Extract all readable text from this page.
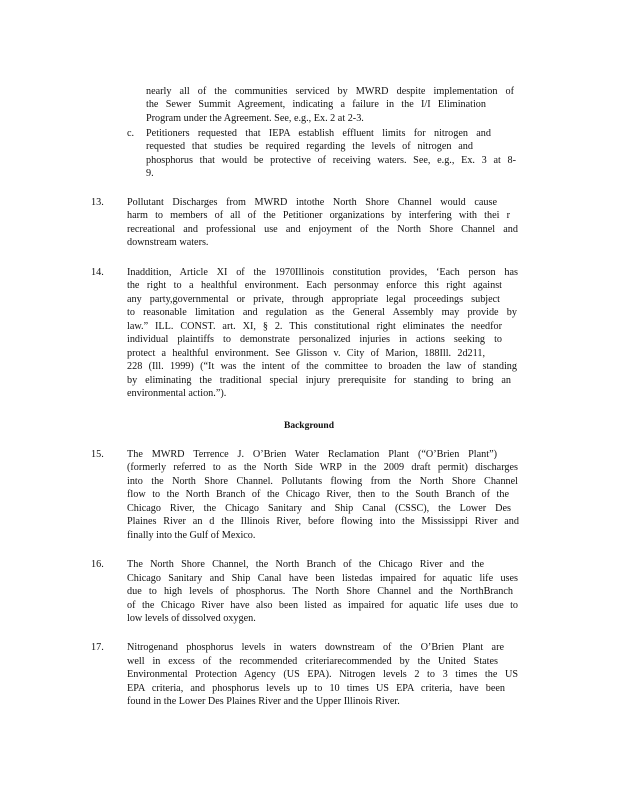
nearly all of the communities serviced by MWRD despite implementation of
the Sewer Summit Agreement, indicating a failure in the I/I Elimination
Program under the Agreement. See, e.g., Ex. 2 at 2-3.
c. Petitioners requested that IEPA establish effluent limits for nitrogen and
requested that studies be required regarding the levels of nitrogen and
phosphorus that would be protective of receiving waters. See, e.g., Ex. 3 at 8-
9.
13. Pollutant Discharges from MWRD intothe North Shore Channel would cause
harm to members of all of the Petitioner organizations by interfering with thei r
recreational and professional use and enjoyment of the North Shore Channel and
downstream waters.
14. Inaddition, Article XI of the 1970Illinois constitution provides, ‘Each person has
the right to a healthful environment. Each personmay enforce this right against
any party,governmental or private, through appropriate legal proceedings subject
to reasonable limitation and regulation as the General Assembly may provide by
law.” ILL. CONST. art. XI, § 2. This constitutional right eliminates the needfor
individual plaintiffs to demonstrate personalized injuries in actions seeking to
protect a healthful environment. See Glisson v. City of Marion, 188Ill. 2d211,
228 (Ill. 1999) (“It was the intent of the committee to broaden the law of standing
by eliminating the traditional special injury prerequisite for standing to bring an
environmental action.”).
Background
15. The MWRD Terrence J. O’Brien Water Reclamation Plant (“O’Brien Plant”)
(formerly referred to as the North Side WRP in the 2009 draft permit) discharges
into the North Shore Channel. Pollutants flowing from the North Shore Channel
flow to the North Branch of the Chicago River, then to the South Branch of the
Chicago River, the Chicago Sanitary and Ship Canal (CSSC), the Lower Des
Plaines River an d the Illinois River, before flowing into the Mississippi River and
finally into the Gulf of Mexico.
16. The North Shore Channel, the North Branch of the Chicago River and the
Chicago Sanitary and Ship Canal have been listedas impaired for aquatic life uses
due to high levels of phosphorus. The North Shore Channel and the NorthBranch
of the Chicago River have also been listed as impaired for aquatic life uses due to
low levels of dissolved oxygen.
17. Nitrogenand phosphorus levels in waters downstream of the O’Brien Plant are
well in excess of the recommended criteriarecommended by the United States
Environmental Protection Agency (US EPA). Nitrogen levels 2 to 3 times the US
EPA criteria, and phosphorus levels up to 10 times US EPA criteria, have been
found in the Lower Des Plaines River and the Upper Illinois River.
